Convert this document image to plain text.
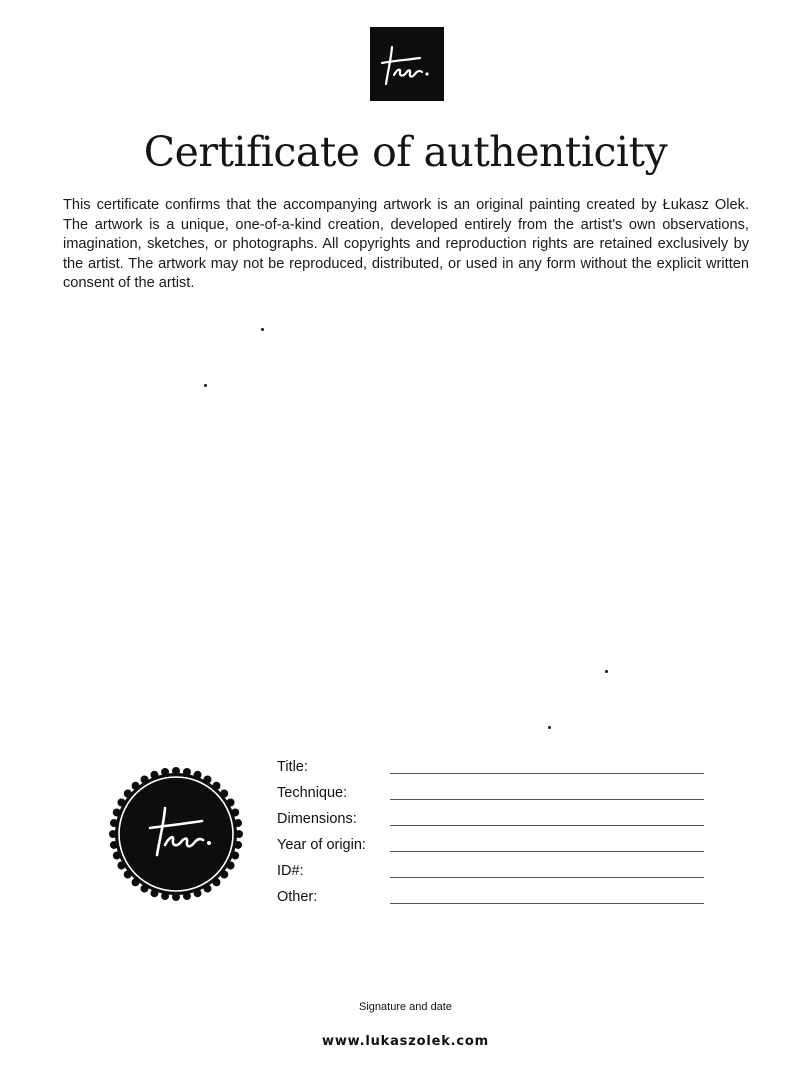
Certificate of authenticity

This certificate confirms that the accompanying artwork is an original painting created by Łukasz Olek. The artwork is a unique, one-of-a-kind creation, developed entirely from the artist's own observations, imagination, sketches, or photographs. All copyrights and reproduction rights are retained exclusively by the artist. The artwork may not be reproduced, distributed, or used in any form without the explicit written consent of the artist.

Title:
Technique:
Dimensions:
Year of origin:
ID#:
Other:
Signature and date
www.lukaszolek.com
